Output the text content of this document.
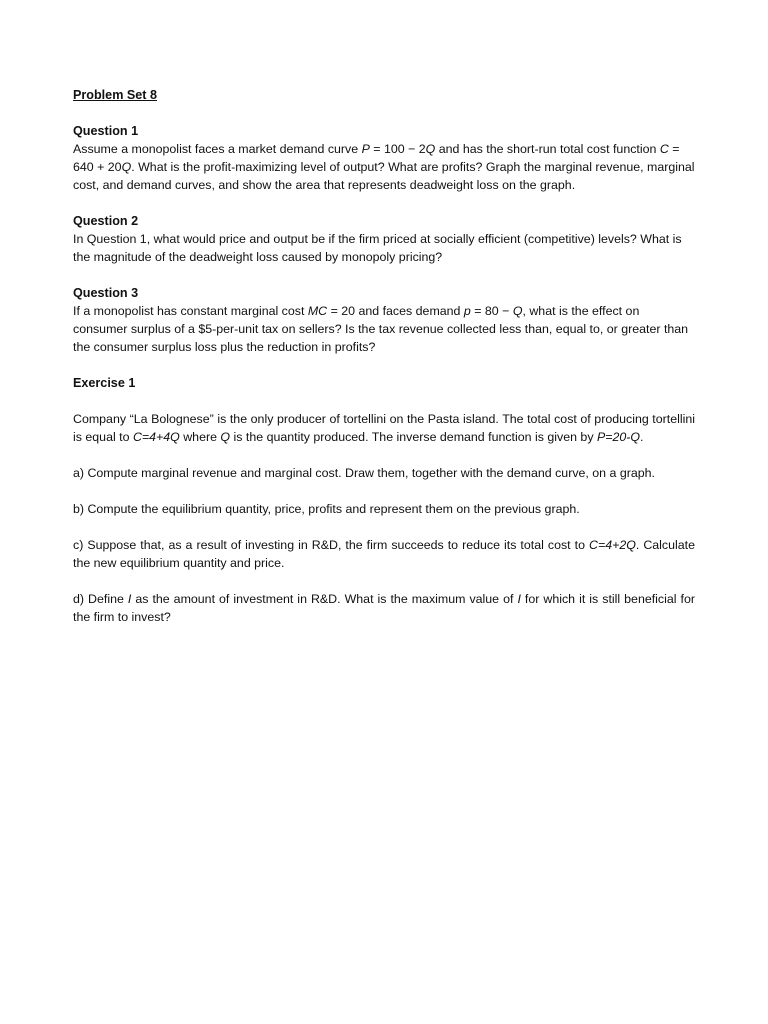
Problem Set 8

Question 1

Assume a monopolist faces a market demand curve P = 100 − 2Q and has the short-run total cost function C = 640 + 20Q. What is the profit-maximizing level of output? What are profits? Graph the marginal revenue, marginal cost, and demand curves, and show the area that represents deadweight loss on the graph.

Question 2

In Question 1, what would price and output be if the firm priced at socially efficient (competitive) levels? What is the magnitude of the deadweight loss caused by monopoly pricing?

Question 3

If a monopolist has constant marginal cost MC = 20 and faces demand p = 80 − Q, what is the effect on consumer surplus of a $5-per-unit tax on sellers? Is the tax revenue collected less than, equal to, or greater than the consumer surplus loss plus the reduction in profits?

Exercise 1

Company “La Bolognese” is the only producer of tortellini on the Pasta island. The total cost of producing tortellini is equal to C=4+4Q where Q is the quantity produced. The inverse demand function is given by P=20-Q.

a) Compute marginal revenue and marginal cost. Draw them, together with the demand curve, on a graph.

b) Compute the equilibrium quantity, price, profits and represent them on the previous graph.

c) Suppose that, as a result of investing in R&D, the firm succeeds to reduce its total cost to C=4+2Q. Calculate the new equilibrium quantity and price.

d) Define I as the amount of investment in R&D. What is the maximum value of I for which it is still beneficial for the firm to invest?
